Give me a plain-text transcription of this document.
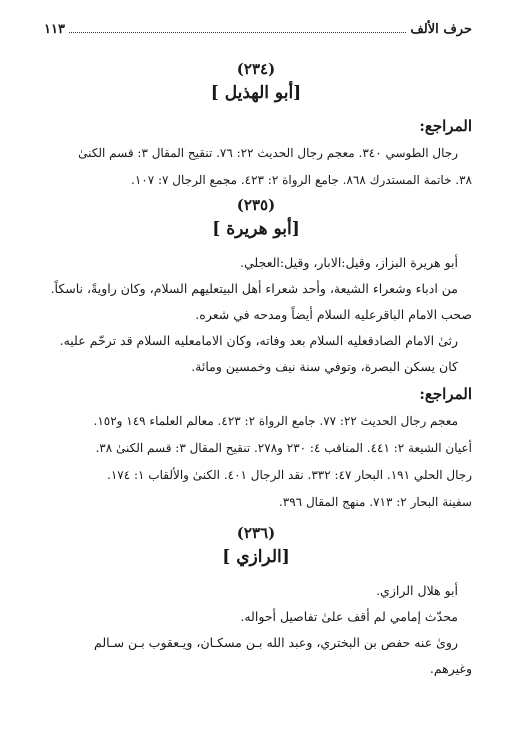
حرف الألف
١١٣

(٢٣٤)

[أبو الهذيل ]

المراجع:

رجال الطوسي ٣٤٠. معجم رجال الحديث ٢٢: ٧٦. تنقيح المقال ٣: قسم الكنىٰ

٣٨. خاتمة المستدرك ٨٦٨. جامع الرواة ٢: ٤٢٣. مجمع الرجال ٧: ١٠٧.

(٢٣٥)

[أبو هريرة ]

أبو هريرة البزاز، وقيل:الابار، وقيل:العجلي.

من ادباء وشعراء الشيعة، وأحد شعراء أهل البيتعليهم السلام، وكان راويةً، ناسكاً.

صحب الامام الباقرعليه السلام أيضاً ومدحه في شعره.

رثىٰ الامام الصادقعليه السلام بعد وفاته، وكان الامامعليه السلام قد ترحّم عليه.

كان يسكن البصرة، وتوفي سنة نيف وخمسين ومائة.

المراجع:

معجم رجال الحديث ٢٢: ٧٧. جامع الرواة ٢: ٤٢٣. معالم العلماء ١٤٩ و١٥٢.

أعيان الشيعة ٢: ٤٤١. المناقب ٤: ٢٣٠ و٢٧٨. تنقيح المقال ٣: قسم الكنىٰ ٣٨.

رجال الحلي ١٩١. البحار ٤٧: ٣٣٢. نقد الرجال ٤٠١. الكنىٰ والألقاب ١: ١٧٤.

سفينة البحار ٢: ٧١٣. منهج المقال ٣٩٦.

(٢٣٦)

[الرازي ]

أبو هلال الرازي.

محدّث إمامي لم أقف علىٰ تفاصيل أحواله.

روىٰ عنه حفص بن البختري، وعبد الله بـن مسكـان، ويـعقوب بـن سـالم

وغيرهم.
